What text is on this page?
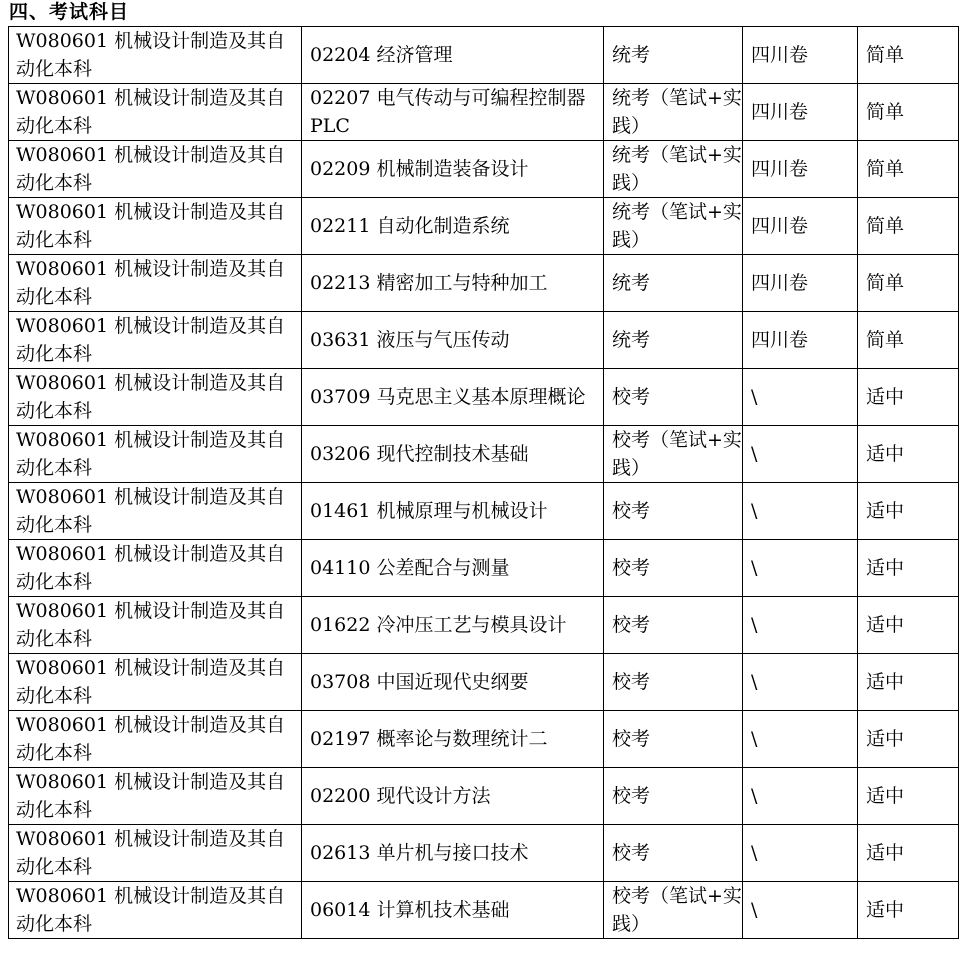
四、考试科目
W080601 机械设计制造及其自动化本科	02204 经济管理	统考	四川卷	简单
W080601 机械设计制造及其自动化本科	02207 电气传动与可编程控制器 PLC	统考（笔试+实践）	四川卷	简单
W080601 机械设计制造及其自动化本科	02209 机械制造装备设计	统考（笔试+实践）	四川卷	简单
W080601 机械设计制造及其自动化本科	02211 自动化制造系统	统考（笔试+实践）	四川卷	简单
W080601 机械设计制造及其自动化本科	02213 精密加工与特种加工	统考	四川卷	简单
W080601 机械设计制造及其自动化本科	03631 液压与气压传动	统考	四川卷	简单
W080601 机械设计制造及其自动化本科	03709 马克思主义基本原理概论	校考	\	适中
W080601 机械设计制造及其自动化本科	03206 现代控制技术基础	校考（笔试+实践）	\	适中
W080601 机械设计制造及其自动化本科	01461 机械原理与机械设计	校考	\	适中
W080601 机械设计制造及其自动化本科	04110 公差配合与测量	校考	\	适中
W080601 机械设计制造及其自动化本科	01622 冷冲压工艺与模具设计	校考	\	适中
W080601 机械设计制造及其自动化本科	03708 中国近现代史纲要	校考	\	适中
W080601 机械设计制造及其自动化本科	02197 概率论与数理统计二	校考	\	适中
W080601 机械设计制造及其自动化本科	02200 现代设计方法	校考	\	适中
W080601 机械设计制造及其自动化本科	02613 单片机与接口技术	校考	\	适中
W080601 机械设计制造及其自动化本科	06014 计算机技术基础	校考（笔试+实践）	\	适中
